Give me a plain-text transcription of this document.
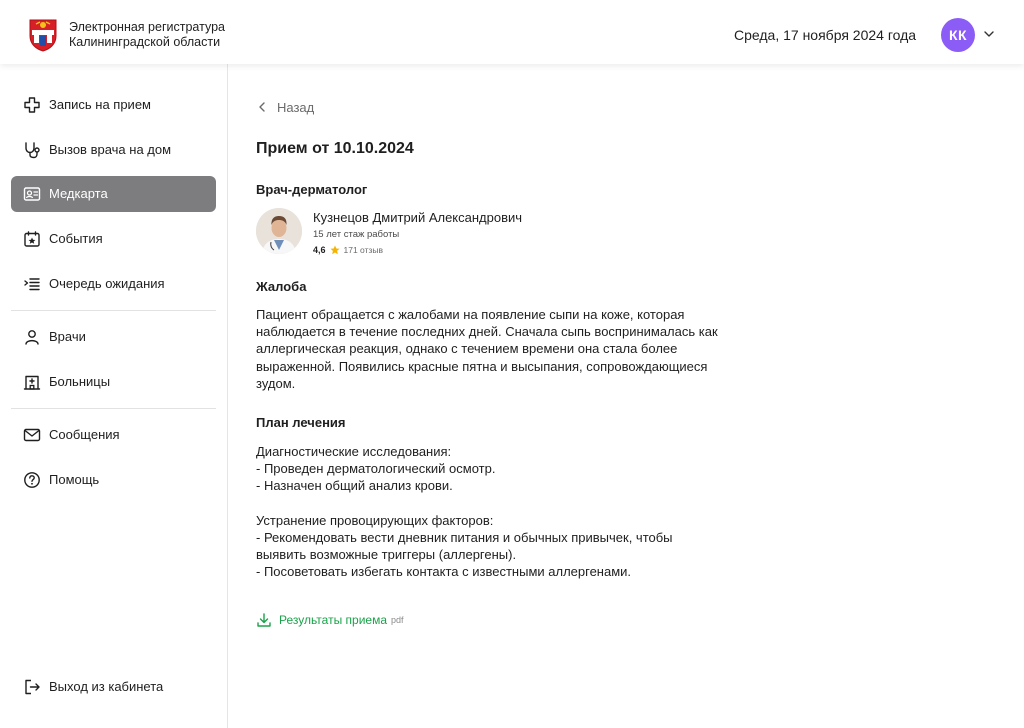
Электронная регистратура
Калининградской области	Среда, 17 ноября 2024 года	КК
Запись на прием
Вызов врача на дом
Медкарта
События
Очередь ожидания
Врачи
Больницы
Сообщения
Помощь
Выход из кабинета
Назад
Прием от 10.10.2024
Врач-дерматолог
Кузнецов Дмитрий Александрович
15 лет стаж работы
4,6 171 отзыв
Жалоба
Пациент обращается с жалобами на появление сыпи на коже, которая
наблюдается в течение последних дней. Сначала сыпь воспринималась как
аллергическая реакция, однако с течением времени она стала более
выраженной. Появились красные пятна и высыпания, сопровождающиеся
зудом.
План лечения
Диагностические исследования:
- Проведен дерматологический осмотр.
- Назначен общий анализ крови.

Устранение провоцирующих факторов:
- Рекомендовать вести дневник питания и обычных привычек, чтобы
выявить возможные триггеры (аллергены).
- Посоветовать избегать контакта с известными аллергенами.
Результаты приема pdf
